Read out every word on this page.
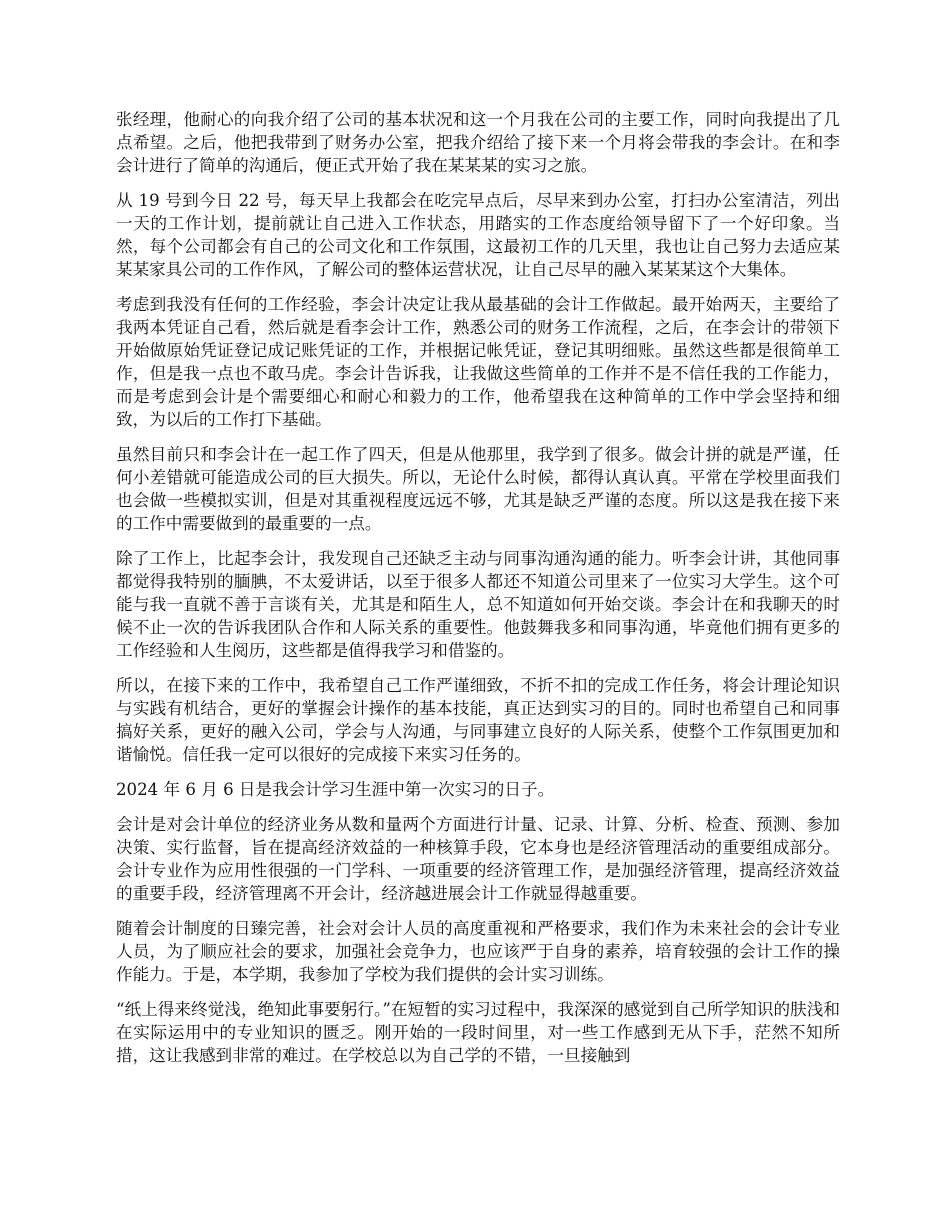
张经理，他耐心的向我介绍了公司的基本状况和这一个月我在公司的主要工作，同时向我提出了几点希望。之后，他把我带到了财务办公室，把我介绍给了接下来一个月将会带我的李会计。在和李会计进行了简单的沟通后，便正式开始了我在某某某的实习之旅。

从 19 号到今日 22 号，每天早上我都会在吃完早点后，尽早来到办公室，打扫办公室清洁，列出一天的工作计划，提前就让自己进入工作状态，用踏实的工作态度给领导留下了一个好印象。当然，每个公司都会有自己的公司文化和工作氛围，这最初工作的几天里，我也让自己努力去适应某某某家具公司的工作作风，了解公司的整体运营状况，让自己尽早的融入某某某这个大集体。

考虑到我没有任何的工作经验，李会计决定让我从最基础的会计工作做起。最开始两天，主要给了我两本凭证自己看，然后就是看李会计工作，熟悉公司的财务工作流程，之后，在李会计的带领下开始做原始凭证登记成记账凭证的工作，并根据记帐凭证，登记其明细账。虽然这些都是很简单工作，但是我一点也不敢马虎。李会计告诉我，让我做这些简单的工作并不是不信任我的工作能力，而是考虑到会计是个需要细心和耐心和毅力的工作，他希望我在这种简单的工作中学会坚持和细致，为以后的工作打下基础。

虽然目前只和李会计在一起工作了四天，但是从他那里，我学到了很多。做会计拼的就是严谨，任何小差错就可能造成公司的巨大损失。所以，无论什么时候，都得认真认真。平常在学校里面我们也会做一些模拟实训，但是对其重视程度远远不够，尤其是缺乏严谨的态度。所以这是我在接下来的工作中需要做到的最重要的一点。

除了工作上，比起李会计，我发现自己还缺乏主动与同事沟通沟通的能力。听李会计讲，其他同事都觉得我特别的腼腆，不太爱讲话，以至于很多人都还不知道公司里来了一位实习大学生。这个可能与我一直就不善于言谈有关，尤其是和陌生人，总不知道如何开始交谈。李会计在和我聊天的时候不止一次的告诉我团队合作和人际关系的重要性。他鼓舞我多和同事沟通，毕竟他们拥有更多的工作经验和人生阅历，这些都是值得我学习和借鉴的。

所以，在接下来的工作中，我希望自己工作严谨细致，不折不扣的完成工作任务，将会计理论知识与实践有机结合，更好的掌握会计操作的基本技能，真正达到实习的目的。同时也希望自己和同事搞好关系，更好的融入公司，学会与人沟通，与同事建立良好的人际关系，使整个工作氛围更加和谐愉悦。信任我一定可以很好的完成接下来实习任务的。

2024 年 6 月 6 日是我会计学习生涯中第一次实习的日子。

会计是对会计单位的经济业务从数和量两个方面进行计量、记录、计算、分析、检查、预测、参加决策、实行监督，旨在提高经济效益的一种核算手段，它本身也是经济管理活动的重要组成部分。会计专业作为应用性很强的一门学科、一项重要的经济管理工作，是加强经济管理，提高经济效益的重要手段，经济管理离不开会计，经济越进展会计工作就显得越重要。

随着会计制度的日臻完善，社会对会计人员的高度重视和严格要求，我们作为未来社会的会计专业人员，为了顺应社会的要求，加强社会竞争力，也应该严于自身的素养，培育较强的会计工作的操作能力。于是，本学期，我参加了学校为我们提供的会计实习训练。

“纸上得来终觉浅，绝知此事要躬行。”在短暂的实习过程中，我深深的感觉到自己所学知识的肤浅和在实际运用中的专业知识的匮乏。刚开始的一段时间里，对一些工作感到无从下手，茫然不知所措，这让我感到非常的难过。在学校总以为自己学的不错，一旦接触到
